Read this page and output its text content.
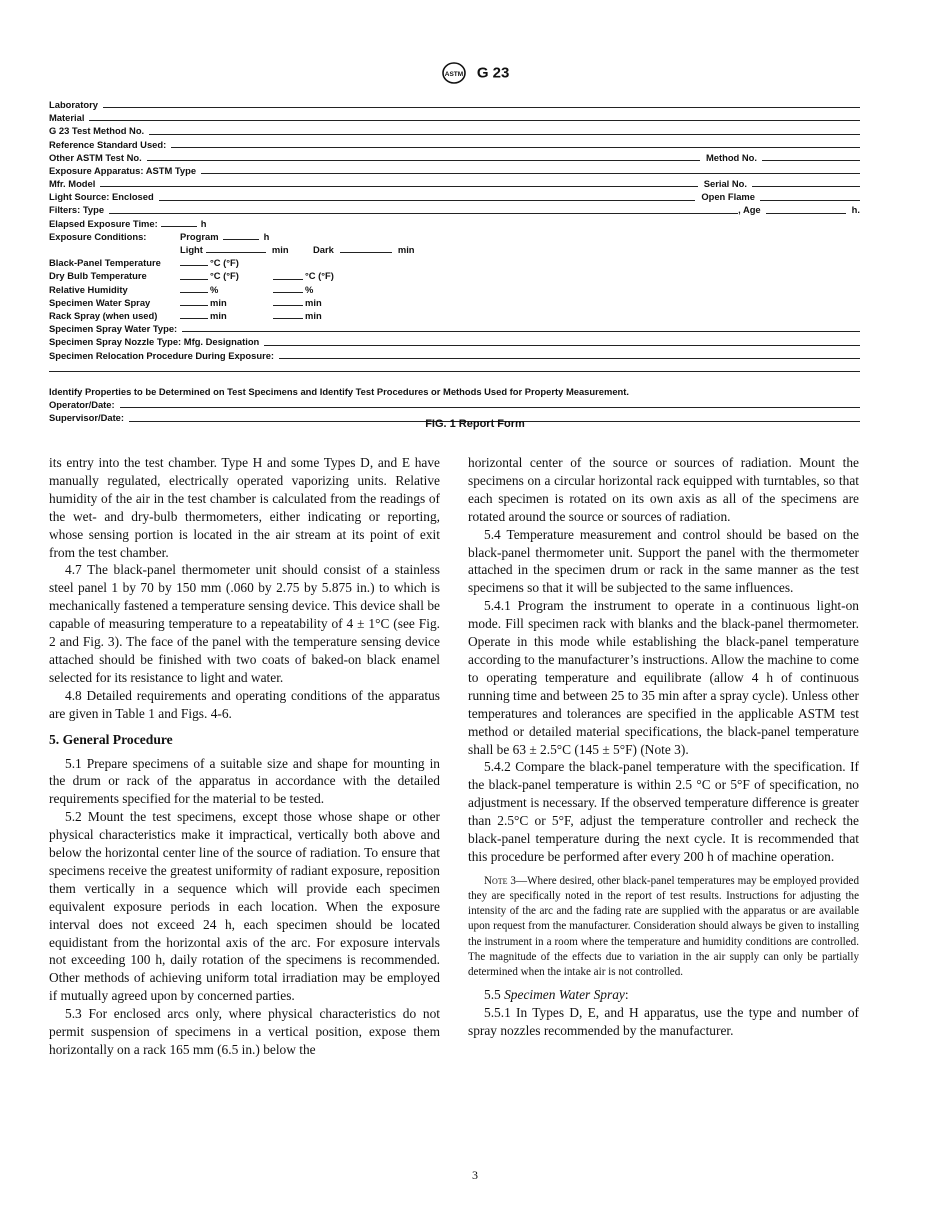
ASTM G 23
Laboratory
Material
G 23 Test Method No.
Reference Standard Used:
Other ASTM Test No.	Method No.
Exposure Apparatus: ASTM Type
Mfr. Model	Serial No.
Light Source: Enclosed	Open Flame
Filters: Type	, Age	h.
Elapsed Exposure Time:	h
Exposure Conditions:	Program	h
Light	min	Dark	min
Black-Panel Temperature	°C (°F)
Dry Bulb Temperature	°C (°F)	°C (°F)
Relative Humidity	%	%
Specimen Water Spray	min	min
Rack Spray (when used)	min	min
Specimen Spray Water Type:
Specimen Spray Nozzle Type: Mfg. Designation
Specimen Relocation Procedure During Exposure:
Identify Properties to be Determined on Test Specimens and Identify Test Procedures or Methods Used for Property Measurement.
Operator/Date:
Supervisor/Date:
FIG. 1 Report Form

its entry into the test chamber. Type H and some Types D, and E have manually regulated, electrically operated vaporizing units. Relative humidity of the air in the test chamber is calculated from the readings of the wet- and dry-bulb thermometers, either indicating or reporting, whose sensing portion is located in the air stream at its point of exit from the test chamber.

4.7 The black-panel thermometer unit should consist of a stainless steel panel 1 by 70 by 150 mm (.060 by 2.75 by 5.875 in.) to which is mechanically fastened a temperature sensing device. This device shall be capable of measuring temperature to a repeatability of 4 ± 1°C (see Fig. 2 and Fig. 3). The face of the panel with the temperature sensing device attached should be finished with two coats of baked-on black enamel selected for its resistance to light and water.

4.8 Detailed requirements and operating conditions of the apparatus are given in Table 1 and Figs. 4-6.

5. General Procedure

5.1 Prepare specimens of a suitable size and shape for mounting in the drum or rack of the apparatus in accordance with the detailed requirements specified for the material to be tested.

5.2 Mount the test specimens, except those whose shape or other physical characteristics make it impractical, vertically both above and below the horizontal center line of the source of radiation. To ensure that specimens receive the greatest uniformity of radiant exposure, reposition them vertically in a sequence which will provide each specimen equivalent exposure periods in each location. When the exposure interval does not exceed 24 h, each specimen should be located equidistant from the horizontal axis of the arc. For exposure intervals not exceeding 100 h, daily rotation of the specimens is recommended. Other methods of achieving uniform total irradiation may be employed if mutually agreed upon by concerned parties.

5.3 For enclosed arcs only, where physical characteristics do not permit suspension of specimens in a vertical position, expose them horizontally on a rack 165 mm (6.5 in.) below the

horizontal center of the source or sources of radiation. Mount the specimens on a circular horizontal rack equipped with turntables, so that each specimen is rotated on its own axis as all of the specimens are rotated around the source or sources of radiation.

5.4 Temperature measurement and control should be based on the black-panel thermometer unit. Support the panel with the thermometer attached in the specimen drum or rack in the same manner as the test specimens so that it will be subjected to the same influences.

5.4.1 Program the instrument to operate in a continuous light-on mode. Fill specimen rack with blanks and the black-panel thermometer. Operate in this mode while establishing the black-panel temperature according to the manufacturer’s instructions. Allow the machine to come to operating temperature and equilibrate (allow 4 h of continuous running time and between 25 to 35 min after a spray cycle). Unless other temperatures and tolerances are specified in the applicable ASTM test method or detailed material specifications, the black-panel temperature shall be 63 ± 2.5°C (145 ± 5°F) (Note 3).

5.4.2 Compare the black-panel temperature with the specification. If the black-panel temperature is within 2.5 °C or 5°F of specification, no adjustment is necessary. If the observed temperature difference is greater than 2.5°C or 5°F, adjust the temperature controller and recheck the black-panel temperature during the next cycle. It is recommended that this procedure be performed after every 200 h of machine operation.

Note 3—Where desired, other black-panel temperatures may be employed provided they are specifically noted in the report of test results. Instructions for adjusting the intensity of the arc and the fading rate are supplied with the apparatus or are available upon request from the manufacturer. Consideration should always be given to installing the instrument in a room where the temperature and humidity conditions are controlled. The magnitude of the effects due to variation in the air supply can only be partially determined when the intake air is not controlled.

5.5 Specimen Water Spray:

5.5.1 In Types D, E, and H apparatus, use the type and number of spray nozzles recommended by the manufacturer.

3
